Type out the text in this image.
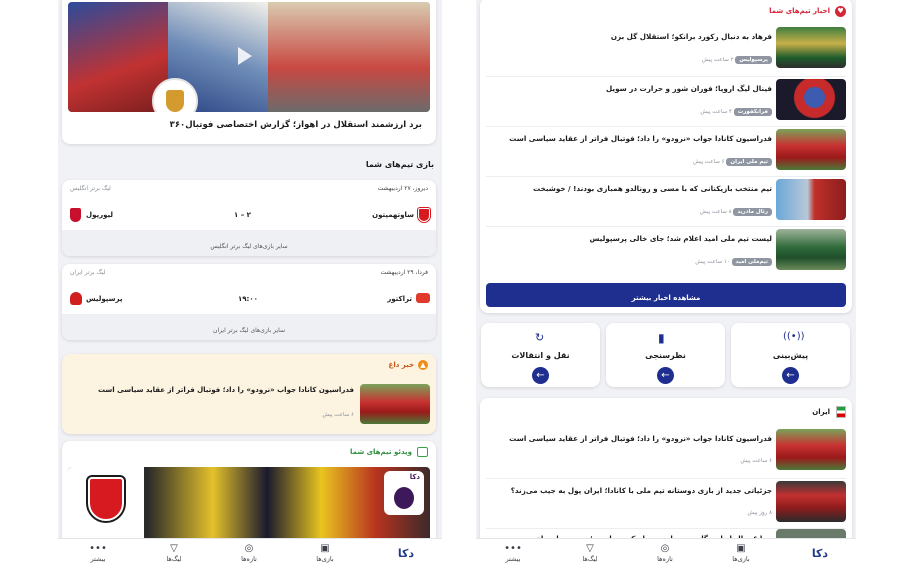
برد ارزشمند استقلال در اهواز؛ گزارش اختصاصی فوتبال۳۶۰
بازی تیم‌های شما
دیروز، ۲۷ اردیبهشت
لیگ برتر انگلیس
ساوتهمپتون
۱ – ۲
لیورپول
سایر بازی‌های لیگ برتر انگلیس
فردا، ۲۹ اردیبهشت
لیگ برتر ایران
تراکتور
۱۹:۰۰
پرسپولیس
سایر بازی‌های لیگ برتر ایران
▲
خبر داغ
فدراسیون کانادا جواب «نرودو» را داد؛ فوتبال فراتر از عقاید سیاسی است
۶ ساعت پیش
ویدئو تیم‌های شما
دکا
دکا
▣
بازی‌ها
◎
تازه‌ها
▽
لیگ‌ها
•••
بیشتر
♥
اخبار تیم‌های شما
فرهاد به دنبال رکورد برانکو؛ استقلال گل بزن
پرسپولیس ۲ ساعت پیش
فینال لیگ اروپا؛ فوران شور و حرارت در سویل
فرانکفورت ۴ ساعت پیش
فدراسیون کانادا جواب «نرودو» را داد؛ فوتبال فراتر از عقاید سیاسی است
تیم ملی ایران ۶ ساعت پیش
تیم منتخب بازیکنانی که با مسی و رونالدو همبازی بودند! / خوشبخت
رئال مادرید ۸ ساعت پیش
لیست تیم ملی امید اعلام شد؛ جای خالی پرسپولیس
تیم‌ملی امید ۱۰ ساعت پیش
مشاهده اخبار بیشتر
((•))
پیش‌بینی
←
▮
نظرسنجی
←
↻
نقل و انتقالات
←
ایران
فدراسیون کانادا جواب «نرودو» را داد؛ فوتبال فراتر از عقاید سیاسی است
۶ ساعت پیش
جزئیاتی جدید از بازی دوستانه تیم ملی با کانادا؛ ایران پول به جیب می‌زند؟
۸ روز پیش
دکا
▣
بازی‌ها
◎
تازه‌ها
▽
لیگ‌ها
•••
بیشتر
